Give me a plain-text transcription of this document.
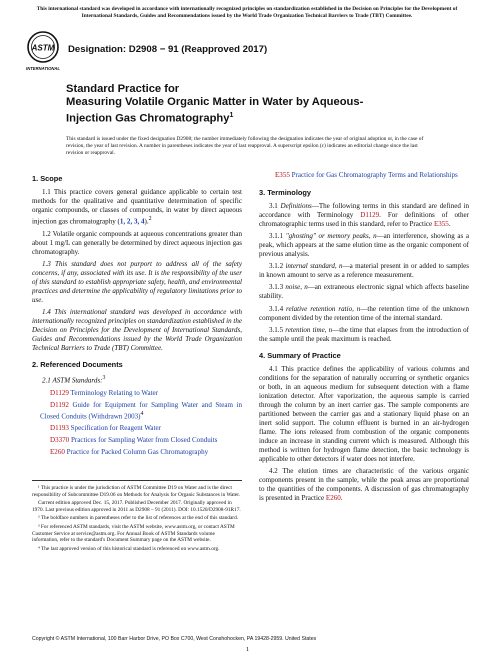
This international standard was developed in accordance with internationally recognized principles on standardization established in the Decision on Principles for the Development of International Standards, Guides and Recommendations issued by the World Trade Organization Technical Barriers to Trade (TBT) Committee.
ASTM
INTERNATIONAL
Designation: D2908 − 91 (Reapproved 2017)
Standard Practice for
Measuring Volatile Organic Matter in Water by Aqueous-
Injection Gas Chromatography$^1$
This standard is issued under the fixed designation D2908; the number immediately following the designation indicates the year of original adoption or, in the case of revision, the year of last revision. A number in parentheses indicates the year of last reapproval. A superscript epsilon (ε) indicates an editorial change since the last revision or reapproval.
1. Scope

1.1 This practice covers general guidance applicable to certain test methods for the qualitative and quantitative determination of specific organic compounds, or classes of compounds, in water by direct aqueous injection gas chromatography (1, 2, 3, 4).$^2$

1.2 Volatile organic compounds at aqueous concentrations greater than about 1 mg/L can generally be determined by direct aqueous injection gas chromatography.

1.3 This standard does not purport to address all of the safety concerns, if any, associated with its use. It is the responsibility of the user of this standard to establish appropriate safety, health, and environmental practices and determine the applicability of regulatory limitations prior to use.

1.4 This international standard was developed in accordance with internationally recognized principles on standardization established in the Decision on Principles for the Development of International Standards, Guides and Recommendations issued by the World Trade Organization Technical Barriers to Trade (TBT) Committee.

2. Referenced Documents

2.1 ASTM Standards:$^3$

D1129 Terminology Relating to Water

D1192 Guide for Equipment for Sampling Water and Steam in Closed Conduits (Withdrawn 2003)$^4$

D1193 Specification for Reagent Water

D3370 Practices for Sampling Water from Closed Conduits

E260 Practice for Packed Column Gas Chromatography

¹ This practice is under the jurisdiction of ASTM Committee D19 on Water and is the direct responsibility of Subcommittee D19.06 on Methods for Analysis for Organic Substances in Water.

Current edition approved Dec. 15, 2017. Published December 2017. Originally approved in 1970. Last previous edition approved in 2011 as D2908 – 91 (2011). DOI: 10.1520/D2908-91R17.

² The boldface numbers in parentheses refer to the list of references at the end of this standard.

³ For referenced ASTM standards, visit the ASTM website, www.astm.org, or contact ASTM Customer Service at service@astm.org. For Annual Book of ASTM Standards volume information, refer to the standard's Document Summary page on the ASTM website.

⁴ The last approved version of this historical standard is referenced on www.astm.org.

E355 Practice for Gas Chromatography Terms and Relationships

3. Terminology

3.1 Definitions—The following terms in this standard are defined in accordance with Terminology D1129. For definitions of other chromatographic terms used in this standard, refer to Practice E355.

3.1.1 "ghosting" or memory peaks, n—an interference, showing as a peak, which appears at the same elution time as the organic component of previous analysis.

3.1.2 internal standard, n—a material present in or added to samples in known amount to serve as a reference measurement.

3.1.3 noise, n—an extraneous electronic signal which affects baseline stability.

3.1.4 relative retention ratio, n—the retention time of the unknown component divided by the retention time of the internal standard.

3.1.5 retention time, n—the time that elapses from the introduction of the sample until the peak maximum is reached.

4. Summary of Practice

4.1 This practice defines the applicability of various columns and conditions for the separation of naturally occurring or synthetic organics or both, in an aqueous medium for subsequent detection with a flame ionization detector. After vaporization, the aqueous sample is carried through the column by an inert carrier gas. The sample components are partitioned between the carrier gas and a stationary liquid phase on an inert solid support. The column effluent is burned in an air-hydrogen flame. The ions released from combustion of the organic components induce an increase in standing current which is measured. Although this method is written for hydrogen flame detection, the basic technology is applicable to other detectors if water does not interfere.

4.2 The elution times are characteristic of the various organic components present in the sample, while the peak areas are proportional to the quantities of the components. A discussion of gas chromatography is presented in Practice E260.

Copyright © ASTM International, 100 Barr Harbor Drive, PO Box C700, West Conshohocken, PA 19428-2959. United States
1
